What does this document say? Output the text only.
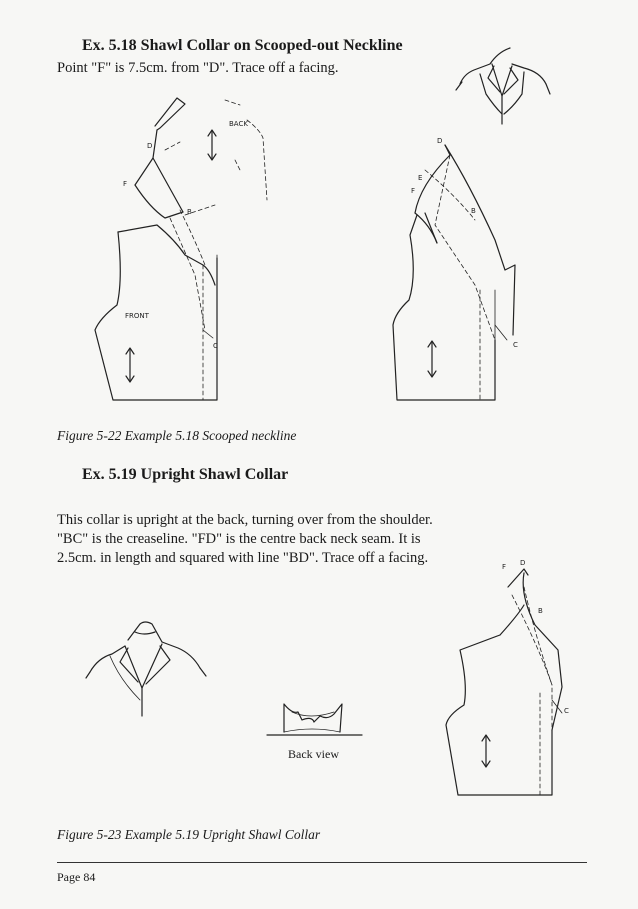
Ex. 5.18 Shawl Collar on Scooped-out Neckline
Point "F" is 7.5cm. from "D". Trace off a facing.
D
F
B
C
BACK
FRONT
D
E
F
B
C
Figure 5-22 Example 5.18 Scooped neckline
Ex. 5.19 Upright Shawl Collar
This collar is upright at the back, turning over from the shoulder.
"BC" is the creaseline. "FD" is the centre back neck seam. It is
2.5cm. in length and squared with line "BD". Trace off a facing.
Back view
F D
B
C
Figure 5-23 Example 5.19 Upright Shawl Collar
Page 84
